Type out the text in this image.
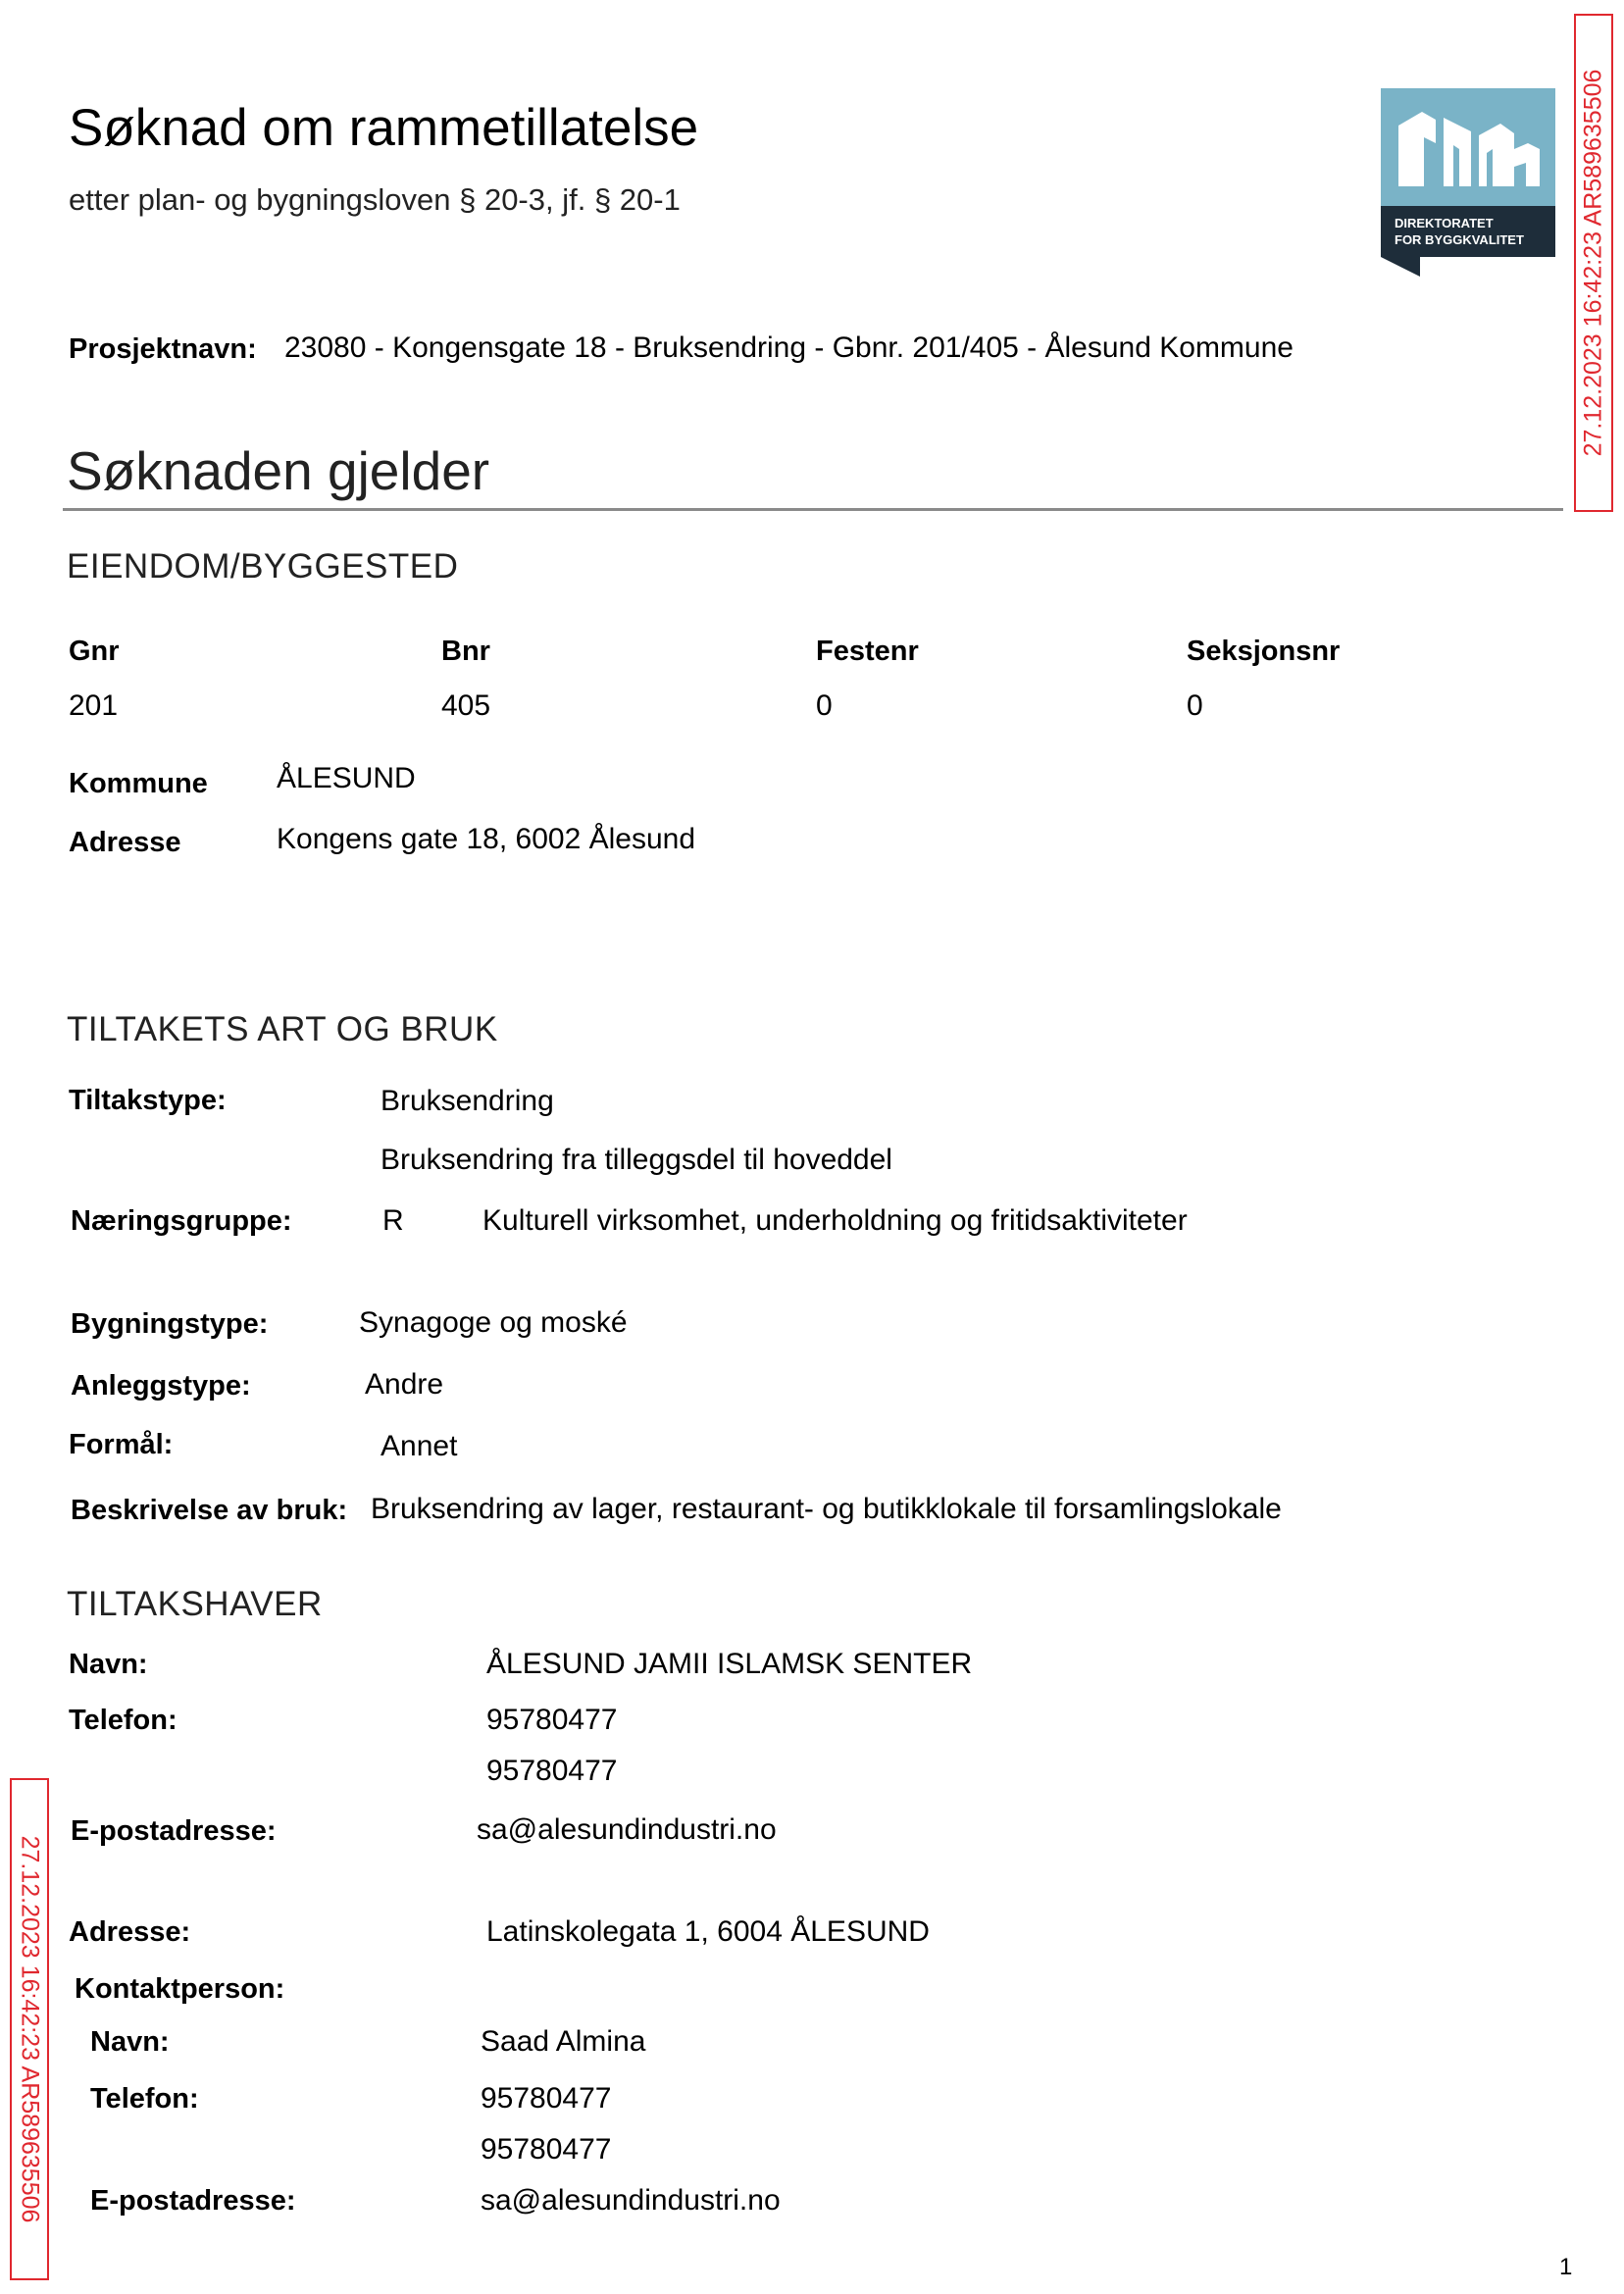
Søknad om rammetillatelse
etter plan- og bygningsloven § 20-3, jf. § 20-1
DIREKTORATET
FOR BYGGKVALITET 27.12.2023 16:42:23 AR589635506
27.12.2023 16:42:23 AR589635506
Prosjektnavn: 23080 - Kongensgate 18 - Bruksendring - Gbnr. 201/405 - Ålesund Kommune
Søknaden gjelder
EIENDOM/BYGGESTED
Gnr	Bnr	Festenr	Seksjonsnr
201	405	0	0
Kommune ÅLESUND
Adresse	Kongens gate 18, 6002 Ålesund
TILTAKETS ART OG BRUK
Tiltakstype:	Bruksendring
Bruksendring fra tilleggsdel til hoveddel
Næringsgruppe:	R	Kulturell virksomhet, underholdning og fritidsaktiviteter
Bygningstype:	Synagoge og moské
Anleggstype:	Andre
Formål:	Annet
Beskrivelse av bruk: Bruksendring av lager, restaurant- og butikklokale til forsamlingslokale
TILTAKSHAVER
Navn:	ÅLESUND JAMII ISLAMSK SENTER
Telefon:	95780477
95780477
E-postadresse:	sa@alesundindustri.no
Adresse:	Latinskolegata 1, 6004 ÅLESUND
Kontaktperson:
Navn:	Saad Almina
Telefon:	95780477
95780477
E-postadresse:	sa@alesundindustri.no
1
